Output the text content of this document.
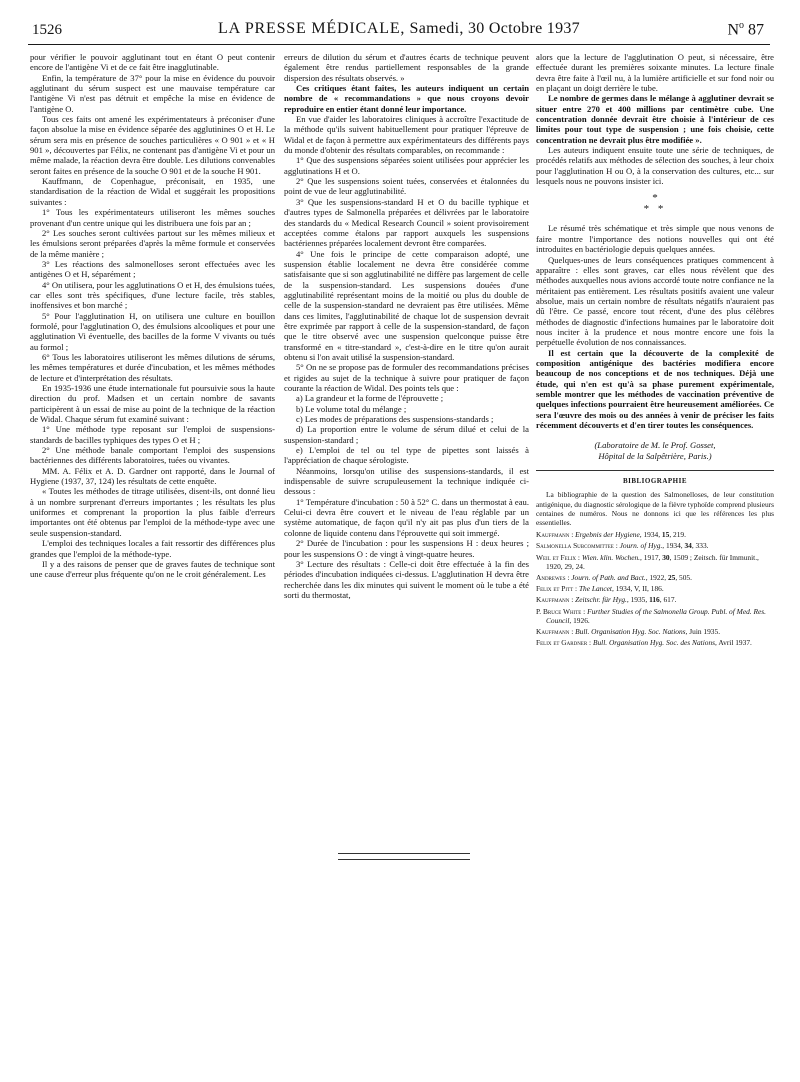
1526	LA PRESSE MÉDICALE, Samedi, 30 Octobre 1937	$N^o$ 87

pour vérifier le pouvoir agglutinant tout en étant O peut contenir encore de l'antigène Vi et de ce fait être inagglutinable.

Enfin, la température de 37° pour la mise en évidence du pouvoir agglutinant du sérum suspect est une mauvaise température car l'antigène Vi n'est pas détruit et empêche la mise en évidence de l'antigène O.

Tous ces faits ont amené les expérimentateurs à préconiser d'une façon absolue la mise en évidence séparée des agglutinines O et H. Le sérum sera mis en présence de souches particulières « O 901 » et « H 901 », découvertes par Félix, ne contenant pas d'antigène Vi et pour un même malade, la réaction devra être double. Les dilutions convenables seront faites en présence de la souche O 901 et de la souche H 901.

Kauffmann, de Copenhague, préconisait, en 1935, une standardisation de la réaction de Widal et suggérait les propositions suivantes :

1° Tous les expérimentateurs utiliseront les mêmes souches provenant d'un centre unique qui les distribuera une fois par an ;

2° Les souches seront cultivées partout sur les mêmes milieux et les émulsions seront préparées d'après la même formule et conservées de la même manière ;

3° Les réactions des salmonelloses seront effectuées avec les antigènes O et H, séparément ;

4° On utilisera, pour les agglutinations O et H, des émulsions tuées, car elles sont très spécifiques, d'une lecture facile, très stables, inoffensives et bon marché ;

5° Pour l'agglutination H, on utilisera une culture en bouillon formolé, pour l'agglutination O, des émulsions alcooliques et pour une agglutination Vi éventuelle, des bacilles de la forme V vivants ou tués au formol ;

6° Tous les laboratoires utiliseront les mêmes dilutions de sérums, les mêmes températures et durée d'incubation, et les mêmes méthodes de lecture et d'interprétation des résultats.

En 1935-1936 une étude internationale fut poursuivie sous la haute direction du prof. Madsen et un certain nombre de savants participèrent à un essai de mise au point de la technique de la réaction de Widal. Chaque sérum fut examiné suivant :

1° Une méthode type reposant sur l'emploi de suspensions-standards de bacilles typhiques des types O et H ;

2° Une méthode banale comportant l'emploi des suspensions bactériennes des différents laboratoires, tuées ou vivantes.

MM. A. Félix et A. D. Gardner ont rapporté, dans le Journal of Hygiene (1937, 37, 124) les résultats de cette enquête.

« Toutes les méthodes de titrage utilisées, disent-ils, ont donné lieu à un nombre surprenant d'erreurs importantes ; les résultats les plus uniformes et comprenant la proportion la plus faible d'erreurs importantes ont été obtenus par l'emploi de la méthode-type avec une seule suspension-standard.

L'emploi des techniques locales a fait ressortir des différences plus grandes que l'emploi de la méthode-type.

Il y a des raisons de penser que de graves fautes de technique sont une cause d'erreur plus fréquente qu'on ne le croit généralement. Les

erreurs de dilution du sérum et d'autres écarts de technique peuvent également être rendus partiellement responsables de la grande dispersion des résultats observés. »

Ces critiques étant faites, les auteurs indiquent un certain nombre de « recommandations » que nous croyons devoir reproduire en entier étant donné leur importance.

En vue d'aider les laboratoires cliniques à accroître l'exactitude de la méthode qu'ils suivent habituellement pour pratiquer l'épreuve de Widal et de façon à permettre aux expérimentateurs des différents pays du monde d'obtenir des résultats comparables, on recommande :

1° Que des suspensions séparées soient utilisées pour apprécier les agglutinations H et O.

2° Que les suspensions soient tuées, conservées et étalonnées du point de vue de leur agglutinabilité.

3° Que les suspensions-standard H et O du bacille typhique et d'autres types de Salmonella préparées et délivrées par le laboratoire des standards du « Medical Research Council » soient provisoirement acceptées comme étalons par rapport auxquels les suspensions bactériennes préparées localement devront être comparées.

4° Une fois le principe de cette comparaison adopté, une suspension établie localement ne devra être considérée comme satisfaisante que si son agglutinabilité ne diffère pas largement de celle de la suspension-standard. Les suspensions douées d'une agglutinabilité représentant moins de la moitié ou plus du double de celle de la suspension-standard ne devraient pas être utilisées. Même dans ces limites, l'agglutinabilité de chaque lot de suspension devrait être exprimée par rapport à celle de la suspension-standard, de façon que le titre observé avec une suspension quelconque puisse être transformé en « titre-standard », c'est-à-dire en le titre qu'on aurait obtenu si l'on avait utilisé la suspension-standard.

5° On ne se propose pas de formuler des recommandations précises et rigides au sujet de la technique à suivre pour pratiquer de façon courante la réaction de Widal. Des points tels que :

a) La grandeur et la forme de l'éprouvette ;

b) Le volume total du mélange ;

c) Les modes de préparations des suspensions-standards ;

d) La proportion entre le volume de sérum dilué et celui de la suspension-standard ;

e) L'emploi de tel ou tel type de pipettes sont laissés à l'appréciation de chaque sérologiste.

Néanmoins, lorsqu'on utilise des suspensions-standards, il est indispensable de suivre scrupuleusement la technique indiquée ci-dessous :

1° Température d'incubation : 50 à 52° C. dans un thermostat à eau. Celui-ci devra être couvert et le niveau de l'eau réglable par un système automatique, de façon qu'il n'y ait pas plus d'un tiers de la colonne de liquide contenu dans l'éprouvette qui soit immergé.

2° Durée de l'incubation : pour les suspensions H : deux heures ; pour les suspensions O : de vingt à vingt-quatre heures.

3° Lecture des résultats : Celle-ci doit être effectuée à la fin des périodes d'incubation indiquées ci-dessus. L'agglutination H devra être recherchée dans les dix minutes qui suivent le moment où le tube a été sorti du thermostat,

alors que la lecture de l'agglutination O peut, si nécessaire, être effectuée durant les premières soixante minutes. La lecture finale devra être faite à l'œil nu, à la lumière artificielle et sur fond noir ou en plaçant un doigt derrière le tube.

Le nombre de germes dans le mélange à agglutiner devrait se situer entre 270 et 400 millions par centimètre cube. Une concentration donnée devrait être choisie à l'intérieur de ces limites pour tout type de suspension ; une fois choisie, cette concentration ne devrait plus être modifiée ».

Les auteurs indiquent ensuite toute une série de techniques, de procédés relatifs aux méthodes de sélection des souches, à leur choix pour l'agglutination H ou O, à la conservation des cultures, etc... sur lesquels nous ne pouvons insister ici.

*
* *

Le résumé très schématique et très simple que nous venons de faire montre l'importance des notions nouvelles qui ont été introduites en bactériologie depuis quelques années.

Quelques-unes de leurs conséquences pratiques commencent à apparaître : elles sont graves, car elles nous révèlent que des méthodes auxquelles nous avions accordé toute notre confiance ne la méritaient pas entièrement. Les résultats positifs avaient une valeur absolue, mais un certain nombre de résultats négatifs n'auraient pas dû l'être. Ce passé, encore tout récent, d'une des plus célèbres méthodes de diagnostic d'infections humaines par le laboratoire doit nous inciter à la prudence et nous montre encore une fois la perpétuelle évolution de nos connaissances.

Il est certain que la découverte de la complexité de composition antigénique des bactéries modifiera encore beaucoup de nos conceptions et de nos techniques. Déjà une étude, qui n'en est qu'à sa phase purement expérimentale, semble montrer que les méthodes de vaccination préventive de quelques infections pourraient être heureusement améliorées. Ce sera l'œuvre des mois ou des années à venir de préciser les faits récemment découverts et d'en tirer toutes les conséquences.

(Laboratoire de M. le Prof. Gosset,
Hôpital de la Salpêtrière, Paris.)

BIBLIOGRAPHIE

La bibliographie de la question des Salmonelloses, de leur constitution antigénique, du diagnostic sérologique de la fièvre typhoïde comprend plusieurs centaines de numéros. Nous ne donnons ici que les références les plus essentielles.

Kauffmann : Ergebnis der Hygiene, 1934, 15, 219.

Salmonella Subcommittee : Journ. of Hyg., 1934, 34, 333.

Weil et Felix : Wien. klin. Wochen., 1917, 30, 1509 ; Zeitsch. für Immunit., 1920, 29, 24.

Andrewes : Journ. of Path. and Bact., 1922, 25, 505.

Felix et Pitt : The Lancet, 1934, V, II, 186.

Kauffmann : Zeitschr. für Hyg., 1935, 116, 617.

P. Bruce White : Further Studies of the Salmonella Group. Publ. of Med. Res. Council, 1926.

Kauffmann : Bull. Organisation Hyg. Soc. Nations, Juin 1935.

Felix et Gardner : Bull. Organisation Hyg. Soc. des Nations, Avril 1937.
